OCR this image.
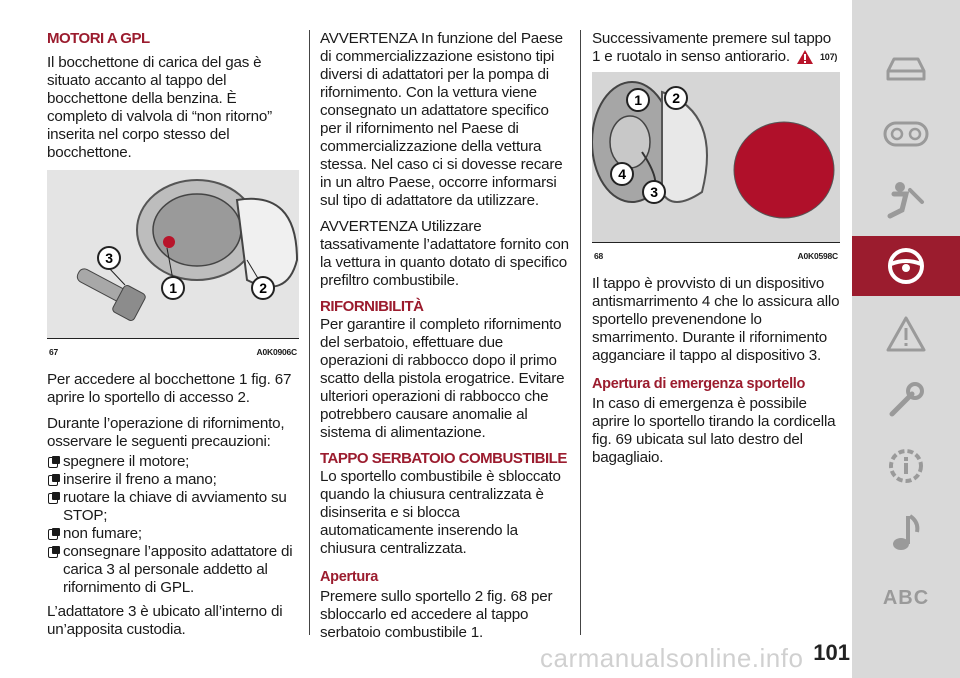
MOTORI A GPL

Il bocchettone di carica del gas è situato accanto al tappo del bocchettone della benzina. È completo di valvola di “non ritorno” inserita nel corpo stesso del bocchettone.

1	2
3
67	A0K0906C

Per accedere al bocchettone 1 fig. 67 aprire lo sportello di accesso 2.

Durante l’operazione di rifornimento, osservare le seguenti precauzioni:

spegnere il motore;
inserire il freno a mano;
ruotare la chiave di avviamento su STOP;
non fumare;
consegnare l’apposito adattatore di carica 3 al personale addetto al rifornimento di GPL.

L’adattatore 3 è ubicato all’interno di un’apposita custodia.

AVVERTENZA In funzione del Paese di commercializzazione esistono tipi diversi di adattatori per la pompa di rifornimento. Con la vettura viene consegnato un adattatore specifico per il rifornimento nel Paese di commercializzazione della vettura stessa. Nel caso ci si dovesse recare in un altro Paese, occorre informarsi sul tipo di adattatore da utilizzare.

AVVERTENZA Utilizzare tassativamente l’adattatore fornito con la vettura in quanto dotato di specifico prefiltro combustibile.

RIFORNIBILITÀ

Per garantire il completo rifornimento del serbatoio, effettuare due operazioni di rabbocco dopo il primo scatto della pistola erogatrice. Evitare ulteriori operazioni di rabbocco che potrebbero causare anomalie al sistema di alimentazione.

TAPPO SERBATOIO COMBUSTIBILE

Lo sportello combustibile è sbloccato quando la chiusura centralizzata è disinserita e si blocca automaticamente inserendo la chiusura centralizzata.

Apertura

Premere sullo sportello 2 fig. 68 per sbloccarlo ed accedere al tappo serbatoio combustibile 1.

Successivamente premere sul tappo 1 e ruotalo in senso antiorario.	107)

1 2
3
4
68	A0K0598C

Il tappo è provvisto di un dispositivo antismarrimento 4 che lo assicura allo sportello prevenendone lo smarrimento. Durante il rifornimento agganciare il tappo al dispositivo 3.

Apertura di emergenza sportello

In caso di emergenza è possibile aprire lo sportello tirando la cordicella fig. 69 ubicata sul lato destro del bagagliaio.

ABC
carmanualsonline.info 101
